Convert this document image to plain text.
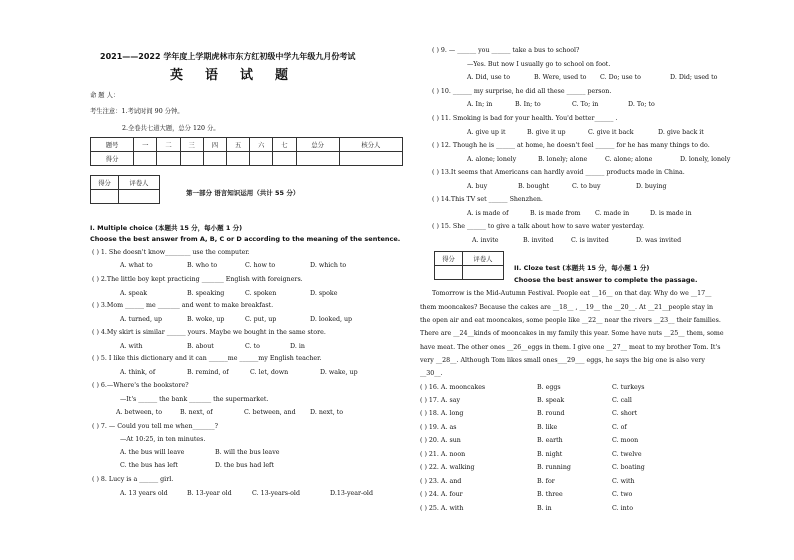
2021——2022 学年度上学期虎林市东方红初级中学九年级九月份考试
英语试题
命 题 人：
考生注意：1.考试时间 90 分钟。
2.全卷共七道大题，总分 120 分。
题号	一	二	三	四	五	六	七	总分	核分人
得分									
得分	评卷人

第一部分 语言知识运用（共计 55 分）
I. Multiple choice (本题共 15 分，每小题 1 分)
Choose the best answer from A, B, C or D according to the meaning of the sentence.
( ) 1. She doesn't know________ use the computer.
A. what to	B. who to	C. how to	D. which to
( ) 2.The little boy kept practicing _______ English with foreigners.
A. speak	B. speaking	C. spoken	D. spoke
( ) 3.Mom ______ me _______ and went to make breakfast.
A. turned, up	B. woke, up	C. put, up	D. looked, up
( ) 4.My skirt is similar ______ yours. Maybe we bought in the same store.
A. with	B. about	C. to	D. in
( ) 5. I like this dictionary and it can ______me ______my English teacher.
A. think, of	B. remind, of	C. let, down	D. wake, up
( ) 6.—Where's the bookstore?
—It's ______ the bank _______ the supermarket.
A. between, to	B. next, of	C. between, and D. next, to
( ) 7. — Could you tell me when_______?
—At 10:25, in ten minutes.
A. the bus will leave	B. will the bus leave
C. the bus has left	D. the bus had left
( ) 8. Lucy is a ______ girl.
A. 13 years old	B. 13-year old	C. 13-years-old	D.13-year-old
( ) 9. — ______ you ______ take a bus to school?
—Yes. But now I usually go to school on foot.
A. Did, use to	B. Were, used to C. Do; use to	D. Did; used to
( ) 10. ______ my surprise, he did all these ______ person.
A. In; in	B. In; to	C. To; in	D. To; to
( ) 11. Smoking is bad for your health. You'd better______ .
A. give up it	B. give it up	C. give it back	D. give back it
( ) 12. Though he is ______ at home, he doesn't feel ______ for he has many things to do.
A. alone; lonely	B. lonely; alone	C. alone; alone	D. lonely, lonely
( ) 13.It seems that Americans can hardly avoid ______ products made in China.
A. buy	B. bought	C. to buy	D. buying
( ) 14.This TV set ______ Shenzhen.
A. is made of	B. is made from C. made in	D. is made in
( ) 15. She ______ to give a talk about how to save water yesterday.
A. invite	B. invited	C. is invited	D. was invited
得分	评卷人

II. Cloze test (本题共 15 分，每小题 1 分)
Choose the best answer to complete the passage.
Tomorrow is the Mid-Autumn Festival. People eat __16__ on that day. Why do we __17__
them mooncakes? Because the cakes are __18__ , __19__ the __20__. At __21__people stay in
the open air and eat mooncakes, some people like __22__ near the rivers __23__ their families.
There are __24__kinds of mooncakes in my family this year. Some have nuts __25__ them, some
have meat. The other ones __26__eggs in them. I give one __27__ meat to my brother Tom. It's
very __28__. Although Tom likes small ones___29___ eggs, he says the big one is also very
__30__.
( ) 16. A. mooncakes	B. eggs	C. turkeys
( ) 17. A. say	B. speak	C. call
( ) 18. A. long	B. round	C. short
( ) 19. A. as	B. like	C. of
( ) 20. A. sun	B. earth	C. moon
( ) 21. A. noon	B. night	C. twelve
( ) 22. A. walking	B. running	C. boating
( ) 23. A. and	B. for	C. with
( ) 24. A. four	B. three	C. two
( ) 25. A. with	B. in	C. into
